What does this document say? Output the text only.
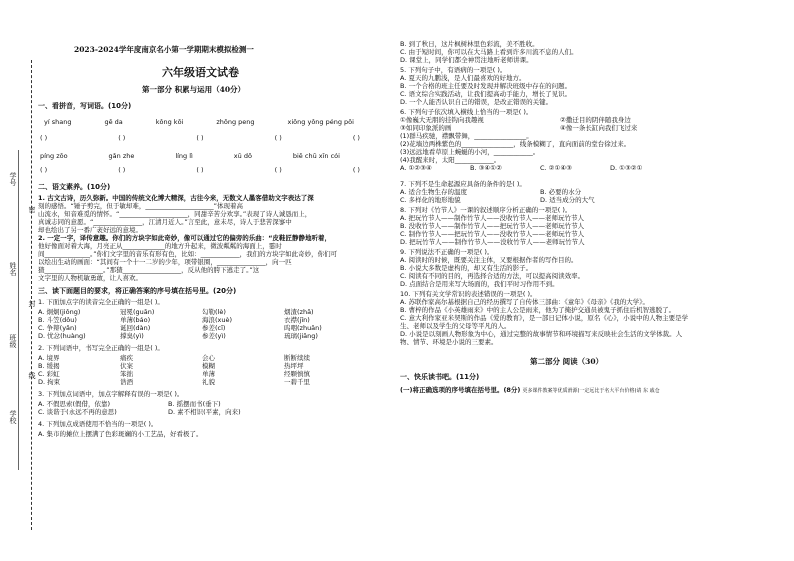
学号
姓名
班级
学校
密
封
线
2023-2024学年度南京名小第一学期期末模拟检测一
六年级语文试卷
第一部分 积累与运用（40分）
一、看拼音，写词语。(10分)
yí shang	gē da	kǒng kōi	zhōng peng	xiōng yǒng péng pōi
( )	( )	( )	( )	( )
píng zōo	gǎn zhe	líng lì	xū dō	biē chū xīn cói
( )	( )	( )	( )	( )
二、语文素养。(10分)
1. 古文古诗，历久弥新。中国的传统文化博大精深，古往今来，无数文人墨客借助文字表达了深
刻的感悟。“锤子剪完，但于敏却难，_____________________”体现着高
山流水，知音难觅的情怀。“_____________________，同甜辛苦分欢享。”表现了诗人诚恳而上，
真诚志同的意愿。“_______________，江清月近人。”言至此，意未尽，诗人于悲苦深寥中
却也绘出了另一番广袤好远的意境。
2. 一定一字，译传意趣。你们的方块字如此奇妙，像可以通过它的偏旁的乐曲：“皮鞋匠静静地听着，
他好像面对着大海，月亮正从_____________的地方升起来，微波粼粼的海面上，霎时
间______________。”你们文字里的音乐有形有色，比如：____________，我们的方块字如此奇妙，你们可
以绘出生动的画面：“其间有一个十一二岁的少年，项带银圈，_______________，向一匹
猹__________________。”那猹__________________，反从他的胯下逃走了。”这
文字里的人物机敏勇敢，让人喜欢。
三、读下面题目的要求，将正确答案的序号填在括号里。(20分)
1. 下面加点字的读音完全正确的一组是( )。
A. 炯炯(jiǒng)	冠冕(guān)	勾勒(lè)	烟渣(zhā)
B. 斗笠(dǒu)	单薄(báo)	海浪(xuè)	衣襟(jīn)
C. 争辩(yǎn)	诞回(dàn)	参差(cī)	呜咽(zhuān)
D. 忧忿(huàng)	撑臭(yì)	参差(yì)	琉璃(jiāng)
2. 下列词语中，书写完全正确的一组是( )。
A. 境界	痛疾	会心	断断续续
B. 缓揭	伏案	模糊	热坪坪
C. 彩虹	笨拙	单薄	经颗慎慎
D. 拘束	诰酒	礼貌	一碧千里
3. 下列加点词语中，加点字解释有误的一项是( )。
A. 不假思索(假借，依靠)	B. 摇摆而书(垂下)
C. 谈谐于(永远不再的意思)	D. 素不相识(平素，向来)
4. 下列加点成语使用不恰当的一项是( )。
A. 集市的摊位上摆满了色彩斑斓的小工艺品，好看极了。
B. 到了秋日，这片枫树林里色彩流，美不胜收。
C. 由于短时间，你可以在大马路上看到许多川流不息的人们。
D. 课堂上，同学们都全神贯注地听老师讲课。
5. 下列句子中，有语病的一项是( )。
A. 夏天的九鹏浅，是人们最喜欢的好地方。
B. 一个合格的班主任要及时发现并解决班级中存在的问题。
C. 语文综合实践活动，让我们提高动手能力，增长了见识。
D. 一个人能否认识自己的错误，是改正错误的关键。
6. 下列句子依次填入横线上恰当的一项是( )。
①像巍大无朋的挂钩向我趣视	②撒迁目的阴伴随我身边
③如同印象派的画	④像一条长缸向我们飞过来
(1)群马疾驰，襟飘带舞，________________。
(2)花墙边两株紫色的________________，线条模糊了，直向面前的堂台徐过来。
(3)远远地看草原上蜿蜒的小河，____________。
(4)我醒来时，太阳____________。
A. ①②③④	B. ③④①②	C. ②①④③	D. ①③②①
7. 下列不是生命起源应具备的条件的是( )。
A. 适合生物生存的温度	B. 必要的水分
C. 多样化的地形地貌	D. 适当成分的大气
8. 下列对《竹节人》一课的叙述顺序分析正确的一项是( )。
A. 把玩竹节人——制作竹节人——没收竹节人——老师玩竹节人
B. 没收竹节人——制作竹节人——把玩竹节人——老师玩竹节人
C. 制作竹节人——把玩竹节人——没收竹节人——老师玩竹节人
D. 把玩竹节人——制作竹节人——没收竹节人——老师玩竹节人
9. 下列说法不正确的一项是( )。
A. 阅读时的时候，既要关注主体，又要根据作者的写作目的。
B. 小说大多数是虚构的，却又有生活的影子。
C. 阅读有不同的目的，再选择合适的方法，可以提高阅读效率。
D. 点面结合是用来写大场面的，我们平时习作用不到。
10. 下列有关文学常识的表述错误的一项是( )。
A. 苏联作家高尔基根据自己的经历撰写了自传体三部曲：《童年》《母亲》《我的大学》。
B. 曹梓的作品《小英雄雨来》中的主人公是雨来，他为了掩护交通员被鬼子抓住后机智逃脱了。
C. 意大利作家亚米契斯的作品《爱的教育》，是一部日记体小说，原名《心》，小说中的人物主要是学
生、老师以及学生的父母等平凡的人。
D. 小说是以刻画人物形象为中心，通过完整的故事情节和环境描写来反映社会生活的文学体裁。人
物、情节、环境是小说的三要素。
第二部分 阅读（30）
一、快乐读书吧。(11分)
(一)将正确选项的序号填在括号里。(8分) 更多课件教案等优质滑源(一定远比于名大平台价格)请 东 戚仓
